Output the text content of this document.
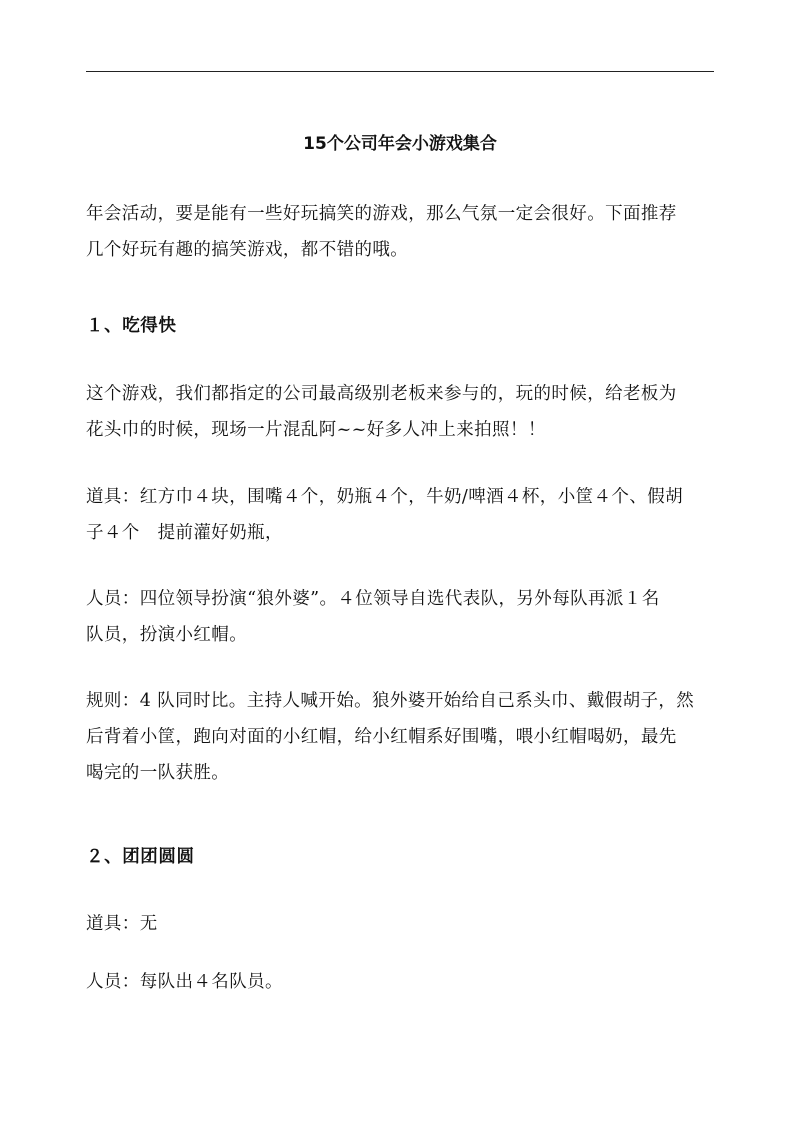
15个公司年会小游戏集合

年会活动，要是能有一些好玩搞笑的游戏，那么气氛一定会很好。下面推荐
几个好玩有趣的搞笑游戏，都不错的哦。

１、吃得快

这个游戏，我们都指定的公司最高级别老板来参与的，玩的时候，给老板为
花头巾的时候，现场一片混乱阿~~好多人冲上来拍照！！

道具：红方巾４块，围嘴４个，奶瓶４个，牛奶/啤酒４杯，小筐４个、假胡
子４个　提前灌好奶瓶，

人员：四位领导扮演“狼外婆”。４位领导自选代表队，另外每队再派１名
队员，扮演小红帽。

规则：4 队同时比。主持人喊开始。狼外婆开始给自己系头巾、戴假胡子，然
后背着小筐，跑向对面的小红帽，给小红帽系好围嘴，喂小红帽喝奶，最先
喝完的一队获胜。

２、团团圆圆

道具：无

人员：每队出４名队员。
